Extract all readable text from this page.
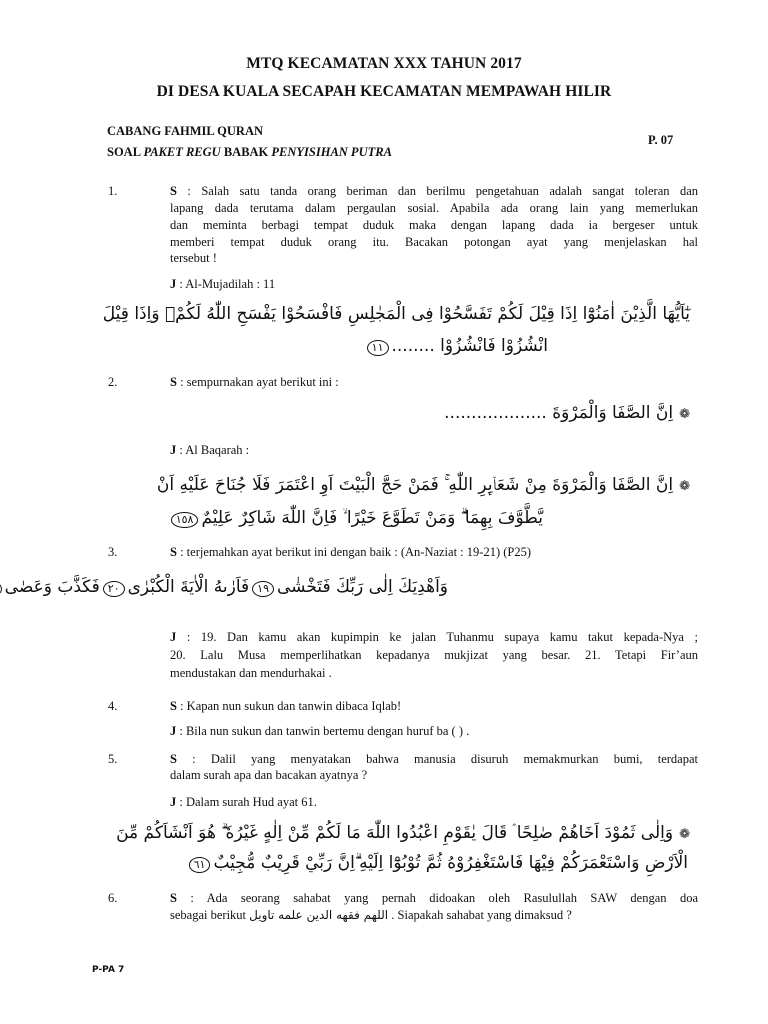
MTQ KECAMATAN XXX TAHUN 2017
DI DESA KUALA SECAPAH KECAMATAN MEMPAWAH HILIR
CABANG FAHMIL QURAN
SOAL PAKET REGU BABAK PENYISIHAN PUTRA
P. 07
1.	S : Salah satu tanda orang beriman dan berilmu pengetahuan adalah sangat toleran dan
lapang dada terutama dalam pergaulan sosial. Apabila ada orang lain yang memerlukan
dan meminta berbagi tempat duduk maka dengan lapang dada ia bergeser untuk
memberi tempat duduk orang itu. Bacakan potongan ayat yang menjelaskan hal
tersebut !
J : Al-Mujadilah : 11
يٰٓاَيُّهَا الَّذِيْنَ اٰمَنُوْٓا اِذَا قِيْلَ لَكُمْ تَفَسَّحُوْا فِى الْمَجٰلِسِ فَافْسَحُوْا يَفْسَحِ اللّٰهُ لَكُمْۚ وَاِذَا قِيْلَ
انْشُزُوْا فَانْشُزُوْا ........١١
2.	S : sempurnakan ayat berikut ini :
❁اِنَّ الصَّفَا وَالْمَرْوَةَ ...................
J : Al Baqarah :
❁اِنَّ الصَّفَا وَالْمَرْوَةَ مِنْ شَعَاۤىِٕرِ اللّٰهِ ۚ فَمَنْ حَجَّ الْبَيْتَ اَوِ اعْتَمَرَ فَلَا جُنَاحَ عَلَيْهِ اَنْ
يَّطَّوَّفَ بِهِمَا ۗ وَمَنْ تَطَوَّعَ خَيْرًا ۙ فَاِنَّ اللّٰهَ شَاكِرٌ عَلِيْمٌ١٥٨
3.	S : terjemahkan ayat berikut ini dengan baik : (An-Naziat : 19-21) (P25)
وَاَهْدِيَكَ اِلٰى رَبِّكَ فَتَخْشٰى١٩فَاَرٰىهُ الْاٰيَةَ الْكُبْرٰى٢٠فَكَذَّبَ وَعَصٰى
J : 19. Dan kamu akan kupimpin ke jalan Tuhanmu supaya kamu takut kepada-Nya ;
20. Lalu Musa memperlihatkan kepadanya mukjizat yang besar. 21. Tetapi Fir’aun
mendustakan dan mendurhakai .
4.	S : Kapan nun sukun dan tanwin dibaca Iqlab!
J : Bila nun sukun dan tanwin bertemu dengan huruf ba ( ) .
5.	S : Dalil yang menyatakan bahwa manusia disuruh memakmurkan bumi, terdapat
dalam surah apa dan bacakan ayatnya ?
J : Dalam surah Hud ayat 61.
❁وَاِلٰى ثَمُوْدَ اَخَاهُمْ صٰلِحًا ۘ قَالَ يٰقَوْمِ اعْبُدُوا اللّٰهَ مَا لَكُمْ مِّنْ اِلٰهٍ غَيْرُهٗ ۗ هُوَ اَنْشَاَكُمْ مِّنَ
الْاَرْضِ وَاسْتَعْمَرَكُمْ فِيْهَا فَاسْتَغْفِرُوْهُ ثُمَّ تُوْبُوْٓا اِلَيْهِ ۗاِنَّ رَبِّيْ قَرِيْبٌ مُّجِيْبٌ٦١
6.	S : Ada seorang sahabat yang pernah didoakan oleh Rasulullah SAW dengan doa
sebagai berikut اللهم فقهه الدين علمه تاويل . Siapakah sahabat yang dimaksud ?
P-PA 7
